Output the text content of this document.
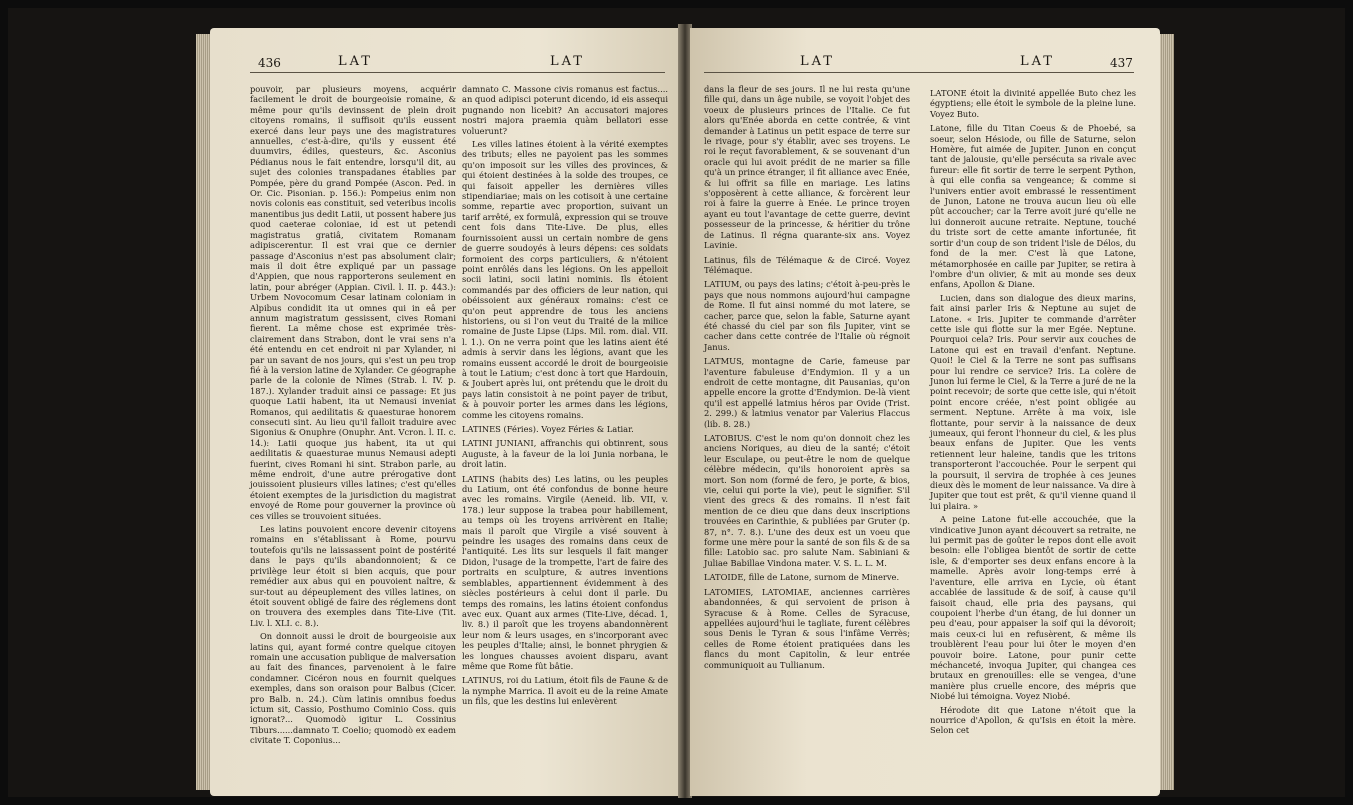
436	LAT	LAT

pouvoir, par plusieurs moyens, acquérir facilement le droit de bourgeoisie romaine, & même pour qu'ils devinssent de plein droit citoyens romains, il suffisoit qu'ils eussent exercé dans leur pays une des magistratures annuelles, c'est-à-dire, qu'ils y eussent été duumvirs, édiles, questeurs, &c. Asconius Pédianus nous le fait entendre, lorsqu'il dit, au sujet des colonies transpadanes établies par Pompée, père du grand Pompée (Ascon. Ped. in Or. Cic. Pisonian. p. 156.): Pompeius enim non novis colonis eas constituit, sed veteribus incolis manentibus jus dedit Latii, ut possent habere jus quod caeterae coloniae, id est ut petendi magistratus gratiâ, civitatem Romanam adipiscerentur. Il est vrai que ce dernier passage d'Asconius n'est pas absolument clair; mais il doit être expliqué par un passage d'Appien, que nous rapporterons seulement en latin, pour abréger (Appian. Civil. l. II. p. 443.): Urbem Novocomum Cesar latinam coloniam in Alpibus condidit ita ut omnes qui in eâ per annum magistratum gessissent, cives Romani fierent. La même chose est exprimée très-clairement dans Strabon, dont le vrai sens n'a été entendu en cet endroit ni par Xylander, ni par un savant de nos jours, qui s'est un peu trop fié à la version latine de Xylander. Ce géographe parle de la colonie de Nîmes (Strab. l. IV. p. 187.). Xylander traduit ainsi ce passage: Et jus quoque Latii habent, ita ut Nemausi inveniat Romanos, qui aedilitatis & quaesturae honorem consecuti sint. Au lieu qu'il falloit traduire avec Sigonius & Onuphre (Onuphr. Ant. Vcron. l. II. c. 14.): Latii quoque jus habent, ita ut qui aedilitatis & quaesturae munus Nemausi adepti fuerint, cives Romani hi sint. Strabon parle, au même endroit, d'une autre prérogative dont jouissoient plusieurs villes latines; c'est qu'elles étoient exemptes de la jurisdiction du magistrat envoyé de Rome pour gouverner la province où ces villes se trouvoient situées.

Les latins pouvoient encore devenir citoyens romains en s'établissant à Rome, pourvu toutefois qu'ils ne laissassent point de postérité dans le pays qu'ils abandonnoient; & ce privilège leur étoit si bien acquis, que pour remédier aux abus qui en pouvoient naître, & sur-tout au dépeuplement des villes latines, on étoit souvent obligé de faire des réglemens dont on trouvera des exemples dans Tite-Live (Tit. Liv. l. XLI. c. 8.).

On donnoit aussi le droit de bourgeoisie aux latins qui, ayant formé contre quelque citoyen romain une accusation publique de malversation au fait des finances, parvenoient à le faire condamner. Cicéron nous en fournit quelques exemples, dans son oraison pour Balbus (Cicer. pro Balb. n. 24.). Cùm latinis omnibus foedus ictum sit, Cassio, Posthumo Cominio Coss. quis ignorat?... Quomodò igitur L. Cossinius Tiburs......damnato T. Coelio; quomodò ex eadem civitate T. Coponius...

damnato C. Massone civis romanus est factus.... an quod adipisci poterunt dicendo, id eis assequi pugnando non licebit? An accusatori majores nostri majora praemia quàm bellatori esse voluerunt?

Les villes latines étoient à la vérité exemptes des tributs; elles ne payoient pas les sommes qu'on imposoit sur les villes des provinces, & qui étoient destinées à la solde des troupes, ce qui faisoit appeller les dernières villes stipendiariae; mais on les cotisoit à une certaine somme, repartie avec proportion, suivant un tarif arrêté, ex formulâ, expression qui se trouve cent fois dans Tite-Live. De plus, elles fournissoient aussi un certain nombre de gens de guerre soudoyés à leurs dépens: ces soldats formoient des corps particuliers, & n'étoient point enrôlés dans les légions. On les appelloit socii latini, socii latini nominis. Ils étoient commandés par des officiers de leur nation, qui obéissoient aux généraux romains: c'est ce qu'on peut apprendre de tous les anciens historiens, ou si l'on veut du Traité de la milice romaine de Juste Lipse (Lips. Mil. rom. dial. VII. l. 1.). On ne verra point que les latins aient été admis à servir dans les légions, avant que les romains eussent accordé le droit de bourgeoisie à tout le Latium; c'est donc à tort que Hardouin, & Joubert après lui, ont prétendu que le droit du pays latin consistoit à ne point payer de tribut, & à pouvoir porter les armes dans les légions, comme les citoyens romains.

LATINES (Féries). Voyez Féries & Latiar.

LATINI JUNIANI, affranchis qui obtinrent, sous Auguste, à la faveur de la loi Junia norbana, le droit latin.

LATINS (habits des) Les latins, ou les peuples du Latium, ont été confondus de bonne heure avec les romains. Virgile (Aeneid. lib. VII, v. 178.) leur suppose la trabea pour habillement, au temps où les troyens arrivèrent en Italie; mais il paroît que Virgile a visé souvent à peindre les usages des romains dans ceux de l'antiquité. Les lits sur lesquels il fait manger Didon, l'usage de la trompette, l'art de faire des portraits en sculpture, & autres inventions semblables, appartiennent évidemment à des siècles postérieurs à celui dont il parle. Du temps des romains, les latins étoient confondus avec eux. Quant aux armes (Tite-Live, décad. 1, liv. 8.) il paroît que les troyens abandonnèrent leur nom & leurs usages, en s'incorporant avec les peuples d'Italie; ainsi, le bonnet phrygien & les longues chausses avoient disparu, avant même que Rome fût bâtie.

LATINUS, roi du Latium, étoit fils de Faune & de la nymphe Marrica. Il avoit eu de la reine Amate un fils, que les destins lui enlevèrent

LAT	LAT	437

dans la fleur de ses jours. Il ne lui resta qu'une fille qui, dans un âge nubile, se voyoit l'objet des voeux de plusieurs princes de l'Italie. Ce fut alors qu'Enée aborda en cette contrée, & vint demander à Latinus un petit espace de terre sur le rivage, pour s'y établir, avec ses troyens. Le roi le reçut favorablement, & se souvenant d'un oracle qui lui avoit prédit de ne marier sa fille qu'à un prince étranger, il fit alliance avec Enée, & lui offrit sa fille en mariage. Les latins s'opposèrent à cette alliance, & forcèrent leur roi à faire la guerre à Enée. Le prince troyen ayant eu tout l'avantage de cette guerre, devint possesseur de la princesse, & héritier du trône de Latinus. Il régna quarante-six ans. Voyez Lavinie.

Latinus, fils de Télémaque & de Circé. Voyez Télémaque.

LATIUM, ou pays des latins; c'étoit à-peu-près le pays que nous nommons aujourd'hui campagne de Rome. Il fut ainsi nommé du mot latere, se cacher, parce que, selon la fable, Saturne ayant été chassé du ciel par son fils Jupiter, vint se cacher dans cette contrée de l'Italie où régnoit Janus.

LATMUS, montagne de Carie, fameuse par l'aventure fabuleuse d'Endymion. Il y a un endroit de cette montagne, dit Pausanias, qu'on appelle encore la grotte d'Endymion. De-là vient qu'il est appellé latmius héros par Ovide (Trist. 2. 299.) & latmius venator par Valerius Flaccus (lib. 8. 28.)

LATOBIUS. C'est le nom qu'on donnoit chez les anciens Noriques, au dieu de la santé; c'étoit leur Esculape, ou peut-être le nom de quelque célèbre médecin, qu'ils honoroient après sa mort. Son nom (formé de fero, je porte, & bios, vie, celui qui porte la vie), peut le signifier. S'il vient des grecs & des romains. Il n'est fait mention de ce dieu que dans deux inscriptions trouvées en Carinthie, & publiées par Gruter (p. 87, n°. 7. 8.). L'une des deux est un voeu que forme une mère pour la santé de son fils & de sa fille: Latobio sac. pro salute Nam. Sabiniani & Juliae Babillae Vindona mater. V. S. L. L. M.

LATOIDE, fille de Latone, surnom de Minerve.

LATOMIES, LATOMIAE, anciennes carrières abandonnées, & qui servoient de prison à Syracuse & à Rome. Celles de Syracuse, appellées aujourd'hui le tagliate, furent célèbres sous Denis le Tyran & sous l'infâme Verrès; celles de Rome étoient pratiquées dans les flancs du mont Capitolin, & leur entrée communiquoit au Tullianum.

LATONE étoit la divinité appellée Buto chez les égyptiens; elle étoit le symbole de la pleine lune. Voyez Buto.

Latone, fille du Titan Coeus & de Phoebé, sa soeur, selon Hésiode, ou fille de Saturne, selon Homère, fut aimée de Jupiter. Junon en conçut tant de jalousie, qu'elle persécuta sa rivale avec fureur: elle fit sortir de terre le serpent Python, à qui elle confia sa vengeance; & comme si l'univers entier avoit embrassé le ressentiment de Junon, Latone ne trouva aucun lieu où elle pût accoucher; car la Terre avoit juré qu'elle ne lui donneroit aucune retraite. Neptune, touché du triste sort de cette amante infortunée, fit sortir d'un coup de son trident l'isle de Délos, du fond de la mer. C'est là que Latone, métamorphosée en caille par Jupiter, se retira à l'ombre d'un olivier, & mit au monde ses deux enfans, Apollon & Diane.

Lucien, dans son dialogue des dieux marins, fait ainsi parler Iris & Neptune au sujet de Latone. « Iris. Jupiter te commande d'arrêter cette isle qui flotte sur la mer Egée. Neptune. Pourquoi cela? Iris. Pour servir aux couches de Latone qui est en travail d'enfant. Neptune. Quoi! le Ciel & la Terre ne sont pas suffisans pour lui rendre ce service? Iris. La colère de Junon lui ferme le Ciel, & la Terre a juré de ne la point recevoir; de sorte que cette isle, qui n'étoit point encore créée, n'est point obligée au serment. Neptune. Arrête à ma voix, isle flottante, pour servir à la naissance de deux jumeaux, qui feront l'honneur du ciel, & les plus beaux enfans de Jupiter. Que les vents retiennent leur haleine, tandis que les tritons transporteront l'accouchée. Pour le serpent qui la poursuit, il servira de trophée à ces jeunes dieux dès le moment de leur naissance. Va dire à Jupiter que tout est prêt, & qu'il vienne quand il lui plaira. »

A peine Latone fut-elle accouchée, que la vindicative Junon ayant découvert sa retraite, ne lui permit pas de goûter le repos dont elle avoit besoin: elle l'obligea bientôt de sortir de cette isle, & d'emporter ses deux enfans encore à la mamelle. Après avoir long-temps erré à l'aventure, elle arriva en Lycie, où étant accablée de lassitude & de soif, à cause qu'il faisoit chaud, elle pria des paysans, qui coupoient l'herbe d'un étang, de lui donner un peu d'eau, pour appaiser la soif qui la dévoroit; mais ceux-ci lui en refusèrent, & même ils troublèrent l'eau pour lui ôter le moyen d'en pouvoir boire. Latone, pour punir cette méchanceté, invoqua Jupiter, qui changea ces brutaux en grenouilles: elle se vengea, d'une manière plus cruelle encore, des mépris que Niobé lui témoigna. Voyez Niobé.

Hérodote dit que Latone n'étoit que la nourrice d'Apollon, & qu'Isis en étoit la mère. Selon cet
